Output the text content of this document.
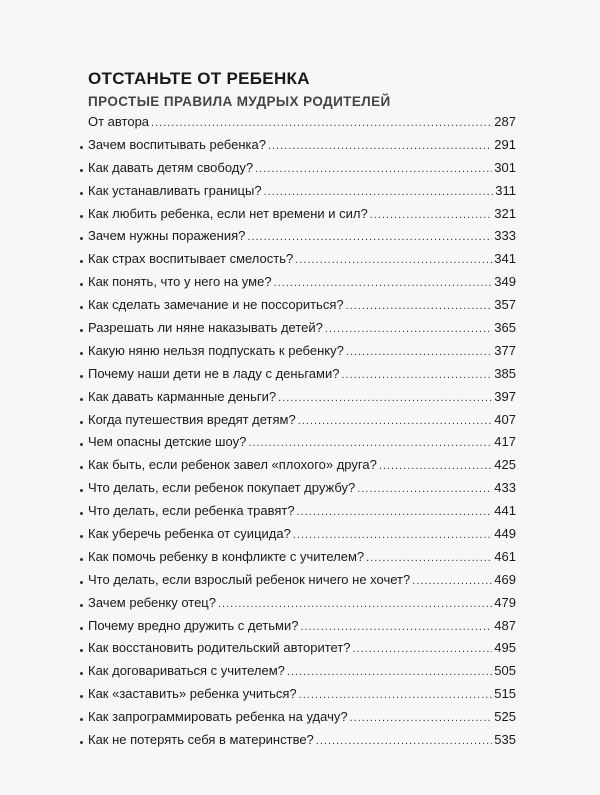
ОТСТАНЬТЕ ОТ РЕБЕНКА
ПРОСТЫЕ ПРАВИЛА МУДРЫХ РОДИТЕЛЕЙ
От автора .....	287
Зачем воспитывать ребенка? .....	291
Как давать детям свободу? .....	301
Как устанавливать границы? .....	311
Как любить ребенка, если нет времени и сил? .....	321
Зачем нужны поражения? .....	333
Как страх воспитывает смелость? .....	341
Как понять, что у него на уме? .....	349
Как сделать замечание и не поссориться? .....	357
Разрешать ли няне наказывать детей? .....	365
Какую няню нельзя подпускать к ребенку? .....	377
Почему наши дети не в ладу с деньгами? .....	385
Как давать карманные деньги? .....	397
Когда путешествия вредят детям? .....	407
Чем опасны детские шоу? .....	417
Как быть, если ребенок завел «плохого» друга? .....	425
Что делать, если ребенок покупает дружбу? .....	433
Что делать, если ребенка травят? .....	441
Как уберечь ребенка от суицида? .....	449
Как помочь ребенку в конфликте с учителем? .....	461
Что делать, если взрослый ребенок ничего не хочет? .....	469
Зачем ребенку отец? .....	479
Почему вредно дружить с детьми? .....	487
Как восстановить родительский авторитет? .....	495
Как договариваться с учителем? .....	505
Как «заставить» ребенка учиться? .....	515
Как запрограммировать ребенка на удачу? .....	525
Как не потерять себя в материнстве? .....	535
